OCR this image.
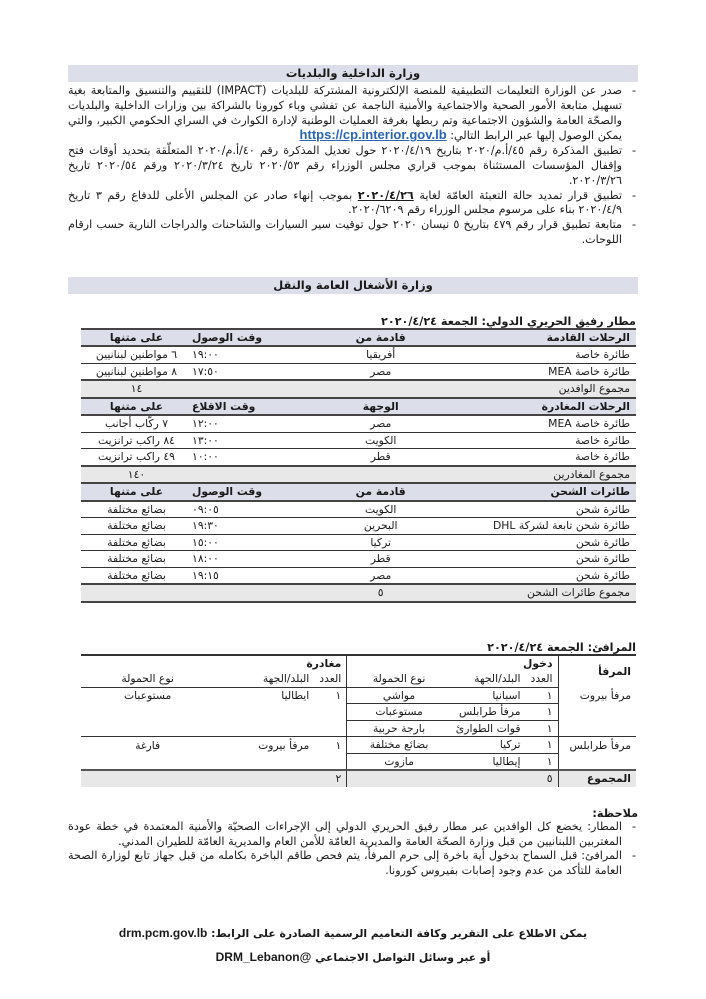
وزارة الداخلية والبلديات
-
صدر عن الوزارة التعليمات التطبيقية للمنصة الإلكترونية المشتركة للبلديات (IMPACT) للتقييم والتنسيق والمتابعة بغية تسهيل متابعة الأمور الصحية والاجتماعية والأمنية الناجمة عن تفشي وباء كورونا بالشراكة بين وزارات الداخلية والبلديات والصحّة العامة والشؤون الاجتماعية وتم ربطها بغرفة العمليات الوطنية لإدارة الكوارث في السراي الحكومي الكبير، والتي يمكن الوصول إليها عبر الرابط التالي: https://cp.interior.gov.lb
-
تطبيق المذكرة رقم ٤٥/أ.م/٢٠٢٠ بتاريخ ٢٠٢٠/٤/١٩ حول تعديل المذكرة رقم ٤٠/أ.م/٢٠٢٠ المتعلّقة بتحديد أوقات فتح وإقفال المؤسسات المستثناة بموجب قراري مجلس الوزراء رقم ٢٠٢٠/٥٣ تاريخ ٢٠٢٠/٣/٢٤ ورقم ٢٠٢٠/٥٤ تاريخ ٢٠٢٠/٣/٢٦.
-
تطبيق قرار تمديد حالة التعبئة العامّة لغاية ٢٠٢٠/٤/٢٦ بموجب إنهاء صادر عن المجلس الأعلى للدفاع رقم ٣ تاريخ ٢٠٢٠/٤/٩ بناء على مرسوم مجلس الوزراء رقم ٢٠٢٠/٦٢٠٩.
-
متابعة تطبيق قرار رقم ٤٧٩ بتاريخ ٥ نيسان ٢٠٢٠ حول توقيت سير السيارات والشاحنات والدراجات النارية حسب ارقام اللوحات.
وزارة الأشغال العامة والنقل

مطار رفيق الحريري الدولي: الجمعة ٢٠٢٠/٤/٢٤

الرحلات القادمة	قادمة من	وقت الوصول	على متنها
طائرة خاصة	أفريقيا	١٩:٠٠	٦ مواطنين لبنانيين
طائرة خاصة MEA	مصر	١٧:٥٠	٨ مواطنين لبنانيين
مجموع الوافدين			١٤
الرحلات المغادرة	الوجهة	وقت الاقلاع	على متنها
طائرة خاصة MEA	مصر	١٢:٠٠	٧ ركّاب أجانب
طائرة خاصة	الكويت	١٣:٠٠	٨٤ راكب ترانزيت
طائرة خاصة	قطر	١٠:٠٠	٤٩ راكب ترانزيت
مجموع المغادرين			١٤٠
طائرات الشحن	قادمة من	وقت الوصول	على متنها
طائرة شحن	الكويت	٠٩:٠٥	بضائع مختلفة
طائرة شحن تابعة لشركة DHL	البحرين	١٩:٣٠	بضائع مختلفة
طائرة شحن	تركيا	١٥:٠٠	بضائع مختلفة
طائرة شحن	قطر	١٨:٠٠	بضائع مختلفة
طائرة شحن	مصر	١٩:١٥	بضائع مختلفة
مجموع طائرات الشحن	٥		

المرافئ: الجمعة ٢٠٢٠/٤/٢٤

المرفأ	دخول			مغادرة		
	العدد	البلد/الجهة	نوع الحمولة	العدد	البلد/الجهة	نوع الحمولة
مرفأ بيروت	١	اسبانيا	مواشي	١	ايطاليا	مستوعبات
	١	مرفأ طرابلس	مستوعبات			
	١	قوات الطوارئ	بارجة حربية			
مرفأ طرابلس	١	تركيا	بضائع مختلفة	١	مرفأ بيروت	فارغة
	١	إيطاليا	مازوت			
المجموع	٥			٢		

ملاحظة:

-
المطار: يخضع كل الوافدين عبر مطار رفيق الحريري الدولي إلى الإجراءات الصحيّة والأمنية المعتمدة في خطة عودة المغتربين اللبنانيين من قبل وزارة الصحّة العامة والمديرية العامّة للأمن العام والمديرية العامّة للطيران المدني.
-
المرافئ: قبل السماح بدخول أية باخرة إلى حرم المرفأ، يتم فحص طاقم الباخرة بكامله من قبل جهاز تابع لوزارة الصحة العامة للتأكد من عدم وجود إصابات بفيروس كورونا.
يمكن الاطلاع على التقرير وكافة التعاميم الرسمية الصادرة على الرابط: drm.pcm.gov.lb
أو عبر وسائل التواصل الاجتماعي @DRM_Lebanon
